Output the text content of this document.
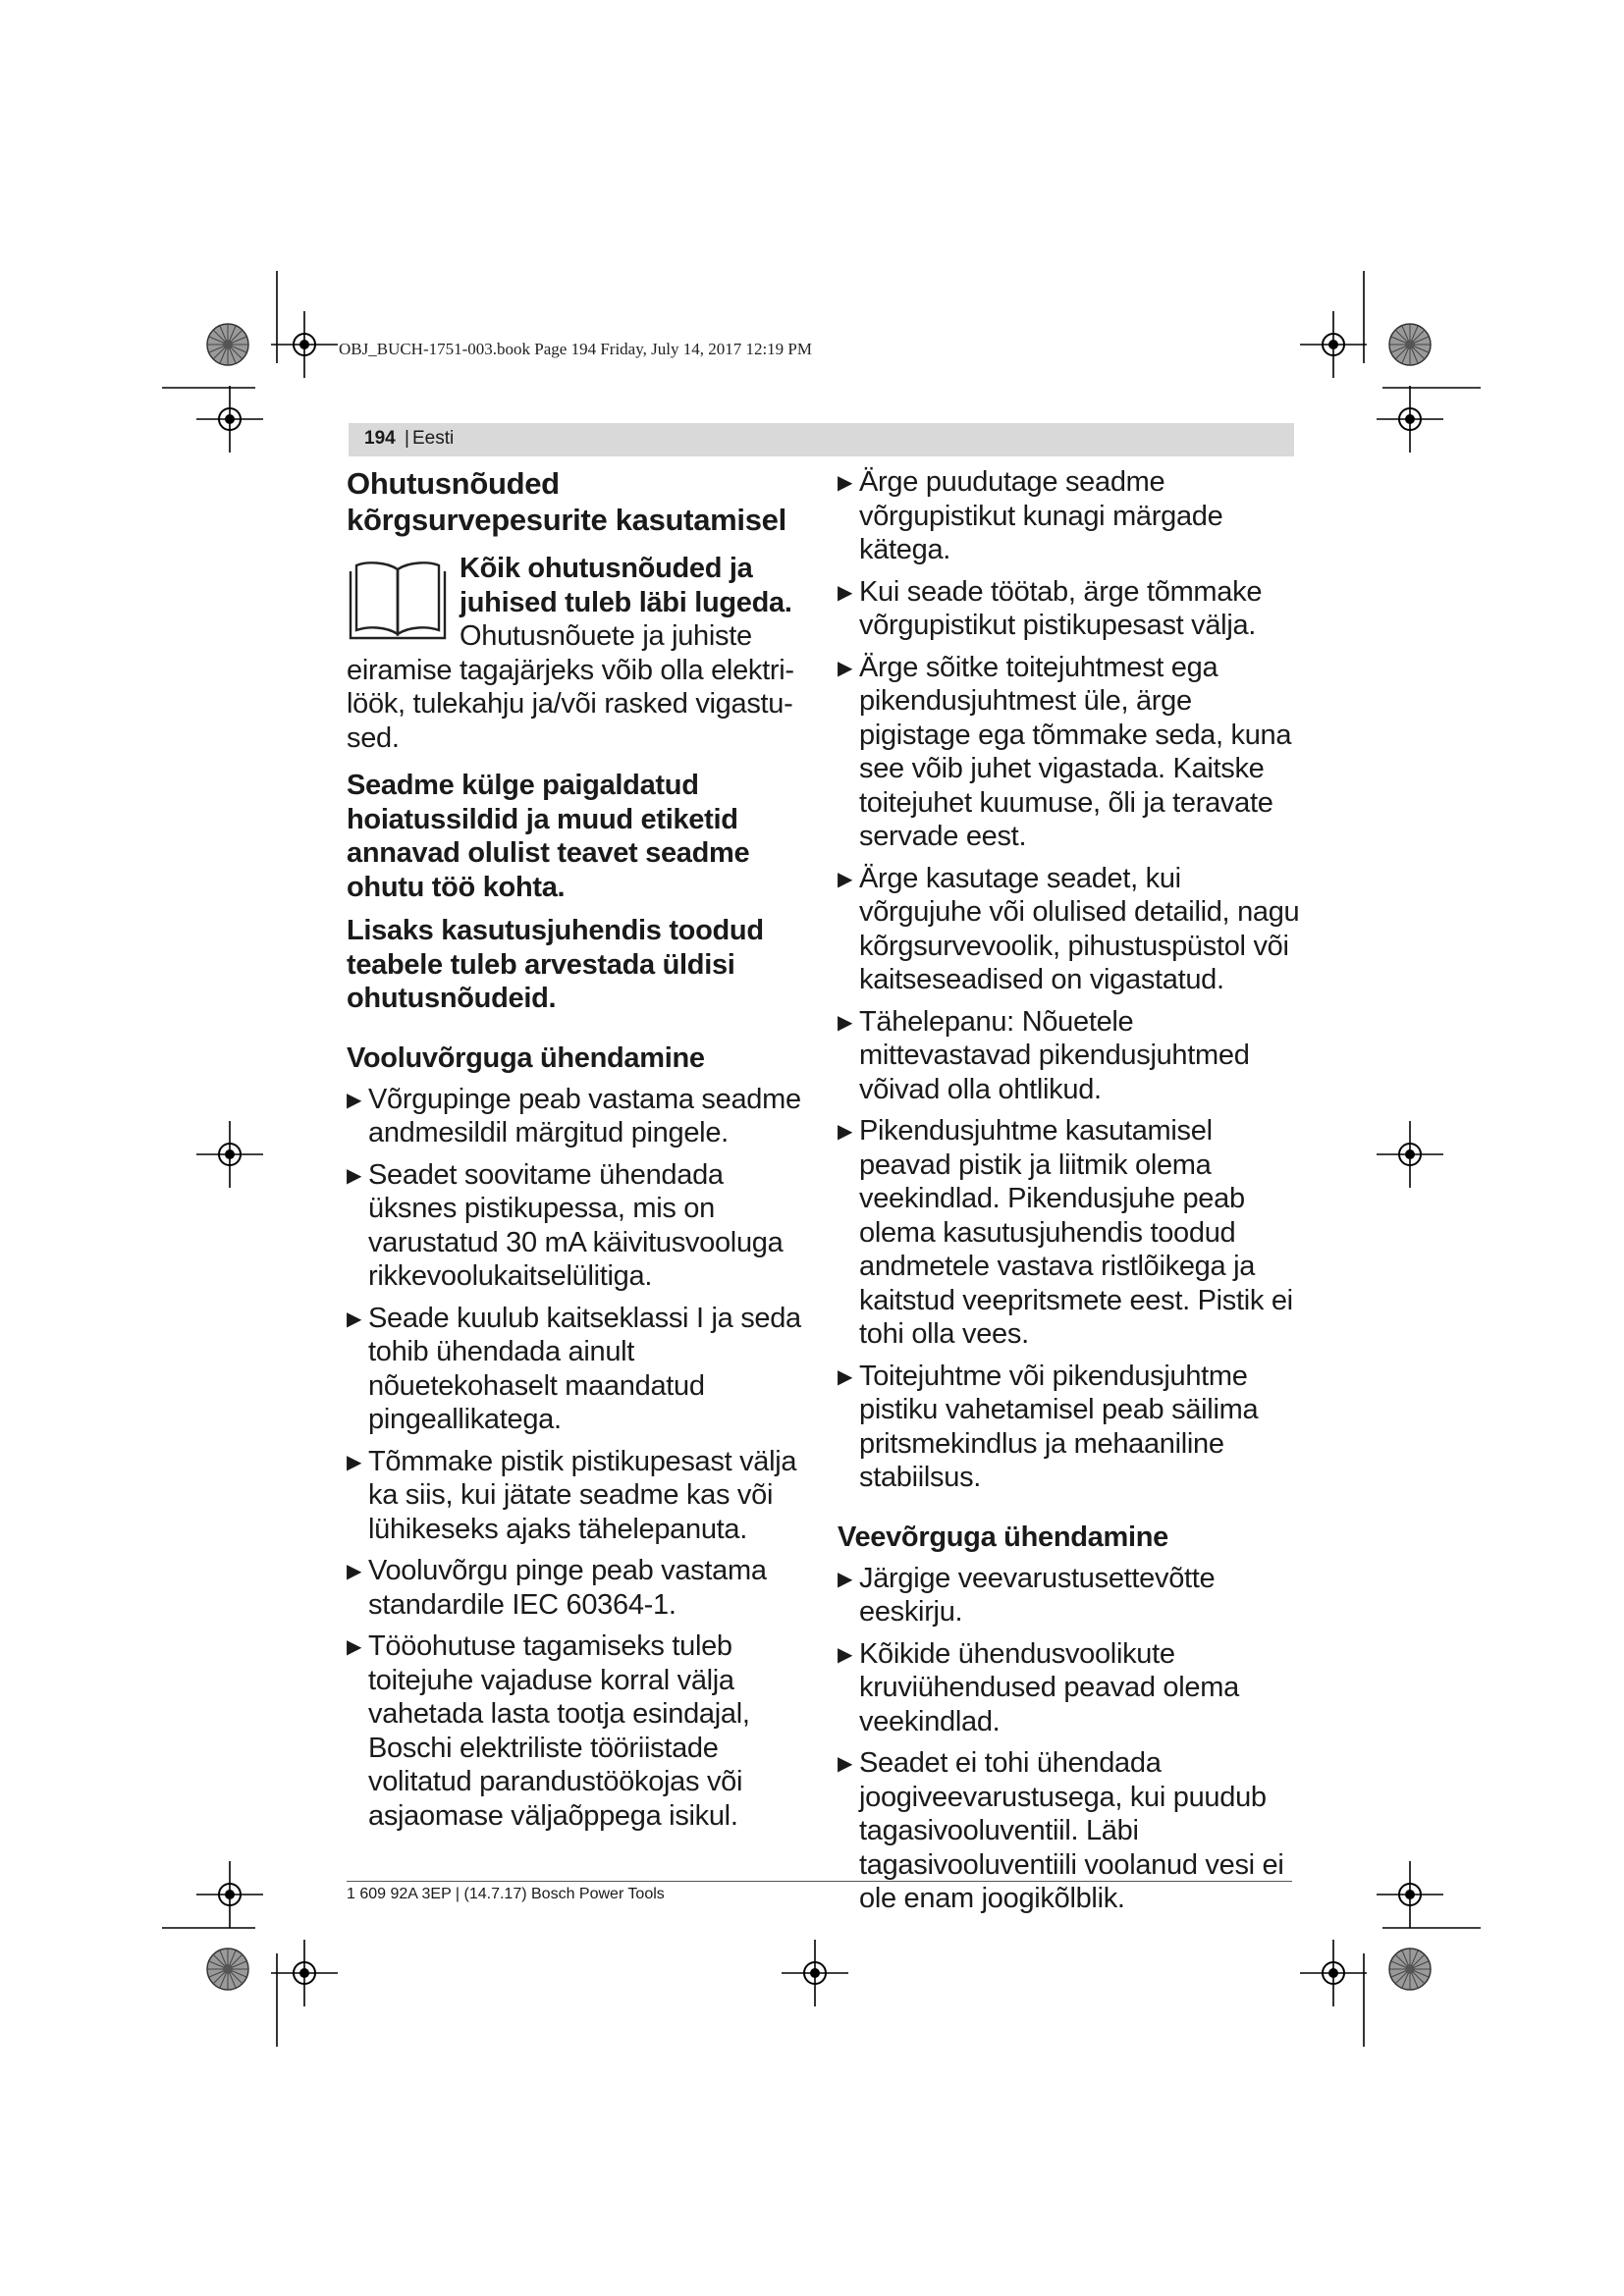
OBJ_BUCH-1751-003.book Page 194 Friday, July 14, 2017 12:19 PM
194 | Eesti
Ohutusnõuded kõrgsurvepesurite kasutamisel
Kõik ohutusnõuded ja juhised tuleb läbi lugeda. Ohutusnõuete ja juhiste eiramise tagajärjeks võib olla elektri-löök, tulekahju ja/või rasked vigastu-sed.

Seadme külge paigaldatud hoiatussildid ja muud etiketid annavad olulist teavet seadme ohutu töö kohta.

Lisaks kasutusjuhendis toodud teabele tuleb arvestada üldisi ohutusnõudeid.

Vooluvõrguga ühendamine
▶ Võrgupinge peab vastama seadme andmesildil märgitud pingele.
▶ Seadet soovitame ühendada üksnes pistikupessa, mis on varustatud 30 mA käivitusvooluga rikkevoolukaitselülitiga.
▶ Seade kuulub kaitseklassi I ja seda tohib ühendada ainult nõuetekohaselt maandatud pingeallikatega.
▶ Tõmmake pistik pistikupesast välja ka siis, kui jätate seadme kas või lühikeseks ajaks tähelepanuta.
▶ Vooluvõrgu pinge peab vastama standardile IEC 60364-1.
▶ Tööohutuse tagamiseks tuleb toitejuhe vajaduse korral välja vahetada lasta tootja esindajal, Boschi elektriliste tööriistade volitatud parandustöökojas või asjaomase väljaõppega isikul.
▶ Ärge puudutage seadme võrgupistikut kunagi märgade kätega.
▶ Kui seade töötab, ärge tõmmake võrgupistikut pistikupesast välja.
▶ Ärge sõitke toitejuhtmest ega pikendusjuhtmest üle, ärge pigistage ega tõmmake seda, kuna see võib juhet vigastada. Kaitske toitejuhet kuumuse, õli ja teravate servade eest.
▶ Ärge kasutage seadet, kui võrgujuhe või olulised detailid, nagu kõrgsurvevoolik, pihustuspüstol või kaitseseadised on vigastatud.
▶ Tähelepanu: Nõuetele mittevastavad pikendusjuhtmed võivad olla ohtlikud.
▶ Pikendusjuhtme kasutamisel peavad pistik ja liitmik olema veekindlad. Pikendusjuhe peab olema kasutusjuhendis toodud andmetele vastava ristlõikega ja kaitstud veepritsmete eest. Pistik ei tohi olla vees.
▶ Toitejuhtme või pikendusjuhtme pistiku vahetamisel peab säilima pritsmekindlus ja mehaaniline stabiilsus.
Veevõrguga ühendamine
▶ Järgige veevarustusettevõtte eeskirju.
▶ Kõikide ühendusvoolikute kruviühendused peavad olema veekindlad.
▶ Seadet ei tohi ühendada joogiveevarustusega, kui puudub tagasivooluventiil. Läbi tagasivooluventiili voolanud vesi ei ole enam joogikõlblik.
1 609 92A 3EP | (14.7.17) Bosch Power Tools
